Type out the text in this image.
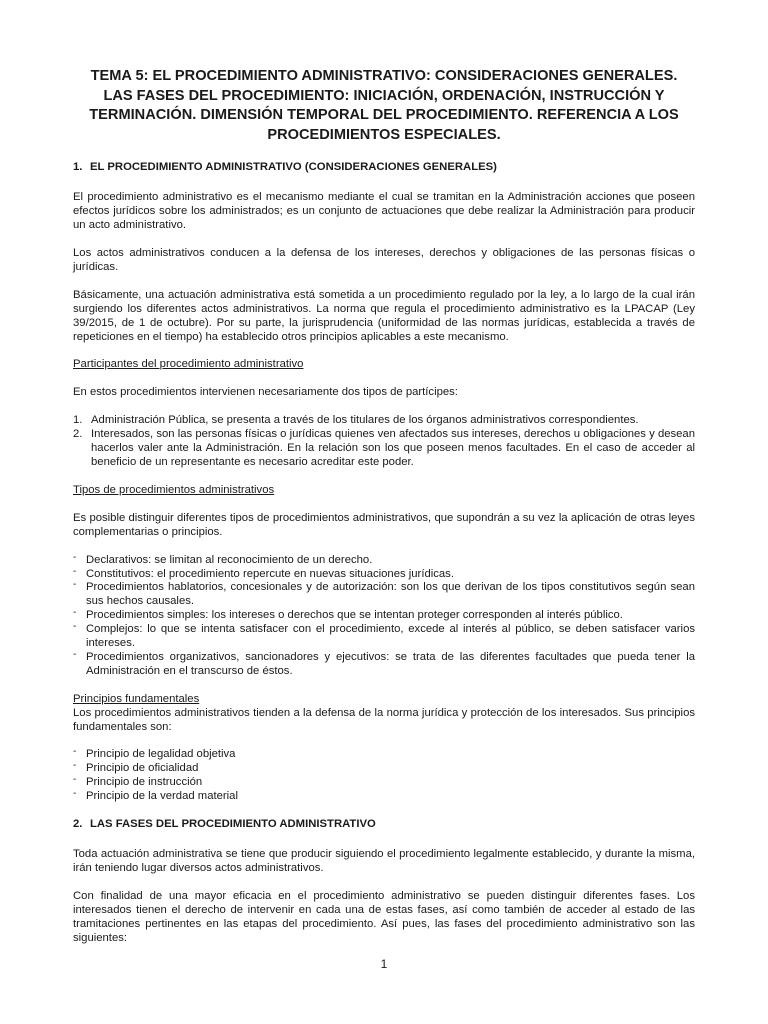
TEMA 5: EL PROCEDIMIENTO ADMINISTRATIVO: CONSIDERACIONES GENERALES. LAS FASES DEL PROCEDIMIENTO: INICIACIÓN, ORDENACIÓN, INSTRUCCIÓN Y TERMINACIÓN. DIMENSIÓN TEMPORAL DEL PROCEDIMIENTO. REFERENCIA A LOS PROCEDIMIENTOS ESPECIALES.
1. EL PROCEDIMIENTO ADMINISTRATIVO (CONSIDERACIONES GENERALES)

El procedimiento administrativo es el mecanismo mediante el cual se tramitan en la Administración acciones que poseen efectos jurídicos sobre los administrados; es un conjunto de actuaciones que debe realizar la Administración para producir un acto administrativo.

Los actos administrativos conducen a la defensa de los intereses, derechos y obligaciones de las personas físicas o jurídicas.

Básicamente, una actuación administrativa está sometida a un procedimiento regulado por la ley, a lo largo de la cual irán surgiendo los diferentes actos administrativos. La norma que regula el procedimiento administrativo es la LPACAP (Ley 39/2015, de 1 de octubre). Por su parte, la jurisprudencia (uniformidad de las normas jurídicas, establecida a través de repeticiones en el tiempo) ha establecido otros principios aplicables a este mecanismo.

Participantes del procedimiento administrativo

En estos procedimientos intervienen necesariamente dos tipos de partícipes:

1. Administración Pública, se presenta a través de los titulares de los órganos administrativos correspondientes.
2. Interesados, son las personas físicas o jurídicas quienes ven afectados sus intereses, derechos u obligaciones y desean hacerlos valer ante la Administración. En la relación son los que poseen menos facultades. En el caso de acceder al beneficio de un representante es necesario acreditar este poder.
Tipos de procedimientos administrativos

Es posible distinguir diferentes tipos de procedimientos administrativos, que supondrán a su vez la aplicación de otras leyes complementarias o principios.

- Declarativos: se limitan al reconocimiento de un derecho.
- Constitutivos: el procedimiento repercute en nuevas situaciones jurídicas.
- Procedimientos hablatorios, concesionales y de autorización: son los que derivan de los tipos constitutivos según sean sus hechos causales.
- Procedimientos simples: los intereses o derechos que se intentan proteger corresponden al interés público.
- Complejos: lo que se intenta satisfacer con el procedimiento, excede al interés al público, se deben satisfacer varios intereses.
- Procedimientos organizativos, sancionadores y ejecutivos: se trata de las diferentes facultades que pueda tener la Administración en el transcurso de éstos.
Principios fundamentales

Los procedimientos administrativos tienden a la defensa de la norma jurídica y protección de los interesados. Sus principios fundamentales son:

- Principio de legalidad objetiva
- Principio de oficialidad
- Principio de instrucción
- Principio de la verdad material
2. LAS FASES DEL PROCEDIMIENTO ADMINISTRATIVO

Toda actuación administrativa se tiene que producir siguiendo el procedimiento legalmente establecido, y durante la misma, irán teniendo lugar diversos actos administrativos.

Con finalidad de una mayor eficacia en el procedimiento administrativo se pueden distinguir diferentes fases. Los interesados tienen el derecho de intervenir en cada una de estas fases, así como también de acceder al estado de las tramitaciones pertinentes en las etapas del procedimiento. Así pues, las fases del procedimiento administrativo son las siguientes:

1
